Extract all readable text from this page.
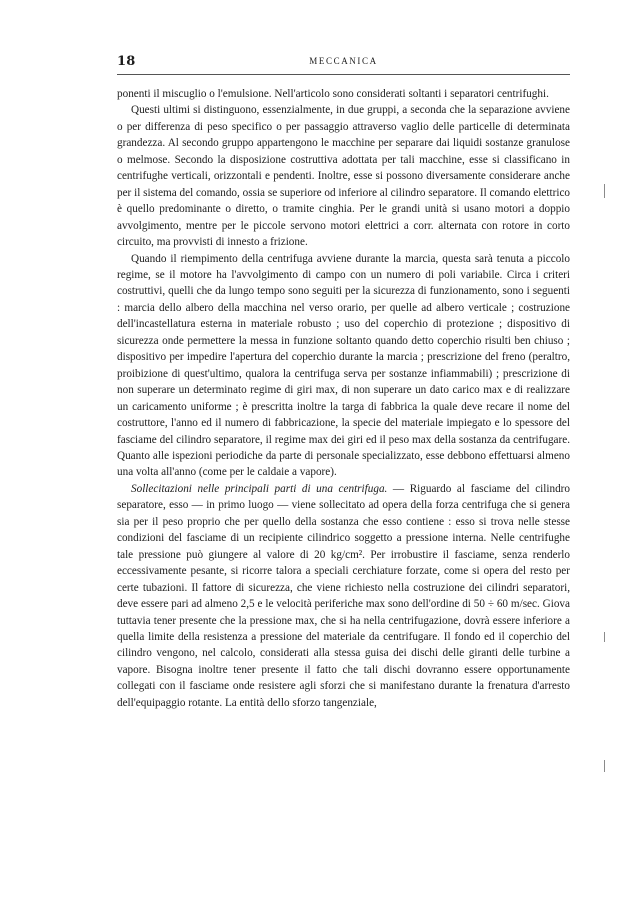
18	MECCANICA

ponenti il miscuglio o l'emulsione. Nell'articolo sono considerati soltanti i separatori centrifughi.

Questi ultimi si distinguono, essenzialmente, in due gruppi, a seconda che la separazione avviene o per differenza di peso specifico o per passaggio attraverso vaglio delle particelle di determinata grandezza. Al secondo gruppo appartengono le macchine per separare dai liquidi sostanze granulose o melmose. Secondo la disposizione costruttiva adottata per tali macchine, esse si classificano in centrifughe verticali, orizzontali e pendenti. Inoltre, esse si possono diversamente considerare anche per il sistema del comando, ossia se superiore od inferiore al cilindro separatore. Il comando elettrico è quello predominante o diretto, o tramite cinghia. Per le grandi unità si usano motori a doppio avvolgimento, mentre per le piccole servono motori elettrici a corr. alternata con rotore in corto circuito, ma provvisti di innesto a frizione.

Quando il riempimento della centrifuga avviene durante la marcia, questa sarà tenuta a piccolo regime, se il motore ha l'avvolgimento di campo con un numero di poli variabile. Circa i criteri costruttivi, quelli che da lungo tempo sono seguiti per la sicurezza di funzionamento, sono i seguenti : marcia dello albero della macchina nel verso orario, per quelle ad albero verticale ; costruzione dell'incastellatura esterna in materiale robusto ; uso del coperchio di protezione ; dispositivo di sicurezza onde permettere la messa in funzione soltanto quando detto coperchio risulti ben chiuso ; dispositivo per impedire l'apertura del coperchio durante la marcia ; prescrizione del freno (peraltro, proibizione di quest'ultimo, qualora la centrifuga serva per sostanze infiammabili) ; prescrizione di non superare un determinato regime di giri max, di non superare un dato carico max e di realizzare un caricamento uniforme ; è prescritta inoltre la targa di fabbrica la quale deve recare il nome del costruttore, l'anno ed il numero di fabbricazione, la specie del materiale impiegato e lo spessore del fasciame del cilindro separatore, il regime max dei giri ed il peso max della sostanza da centrifugare. Quanto alle ispezioni periodiche da parte di personale specializzato, esse debbono effettuarsi almeno una volta all'anno (come per le caldaie a vapore).

Sollecitazioni nelle principali parti di una centrifuga. — Riguardo al fasciame del cilindro separatore, esso — in primo luogo — viene sollecitato ad opera della forza centrifuga che si genera sia per il peso proprio che per quello della sostanza che esso contiene : esso si trova nelle stesse condizioni del fasciame di un recipiente cilindrico soggetto a pressione interna. Nelle centrifughe tale pressione può giungere al valore di 20 kg/cm². Per irrobustire il fasciame, senza renderlo eccessivamente pesante, si ricorre talora a speciali cerchiature forzate, come si opera del resto per certe tubazioni. Il fattore di sicurezza, che viene richiesto nella costruzione dei cilindri separatori, deve essere pari ad almeno 2,5 e le velocità periferiche max sono dell'ordine di 50 ÷ 60 m/sec. Giova tuttavia tener presente che la pressione max, che si ha nella centrifugazione, dovrà essere inferiore a quella limite della resistenza a pressione del materiale da centrifugare. Il fondo ed il coperchio del cilindro vengono, nel calcolo, considerati alla stessa guisa dei dischi delle giranti delle turbine a vapore. Bisogna inoltre tener presente il fatto che tali dischi dovranno essere opportunamente collegati con il fasciame onde resistere agli sforzi che si manifestano durante la frenatura d'arresto dell'equipaggio rotante. La entità dello sforzo tangenziale,
